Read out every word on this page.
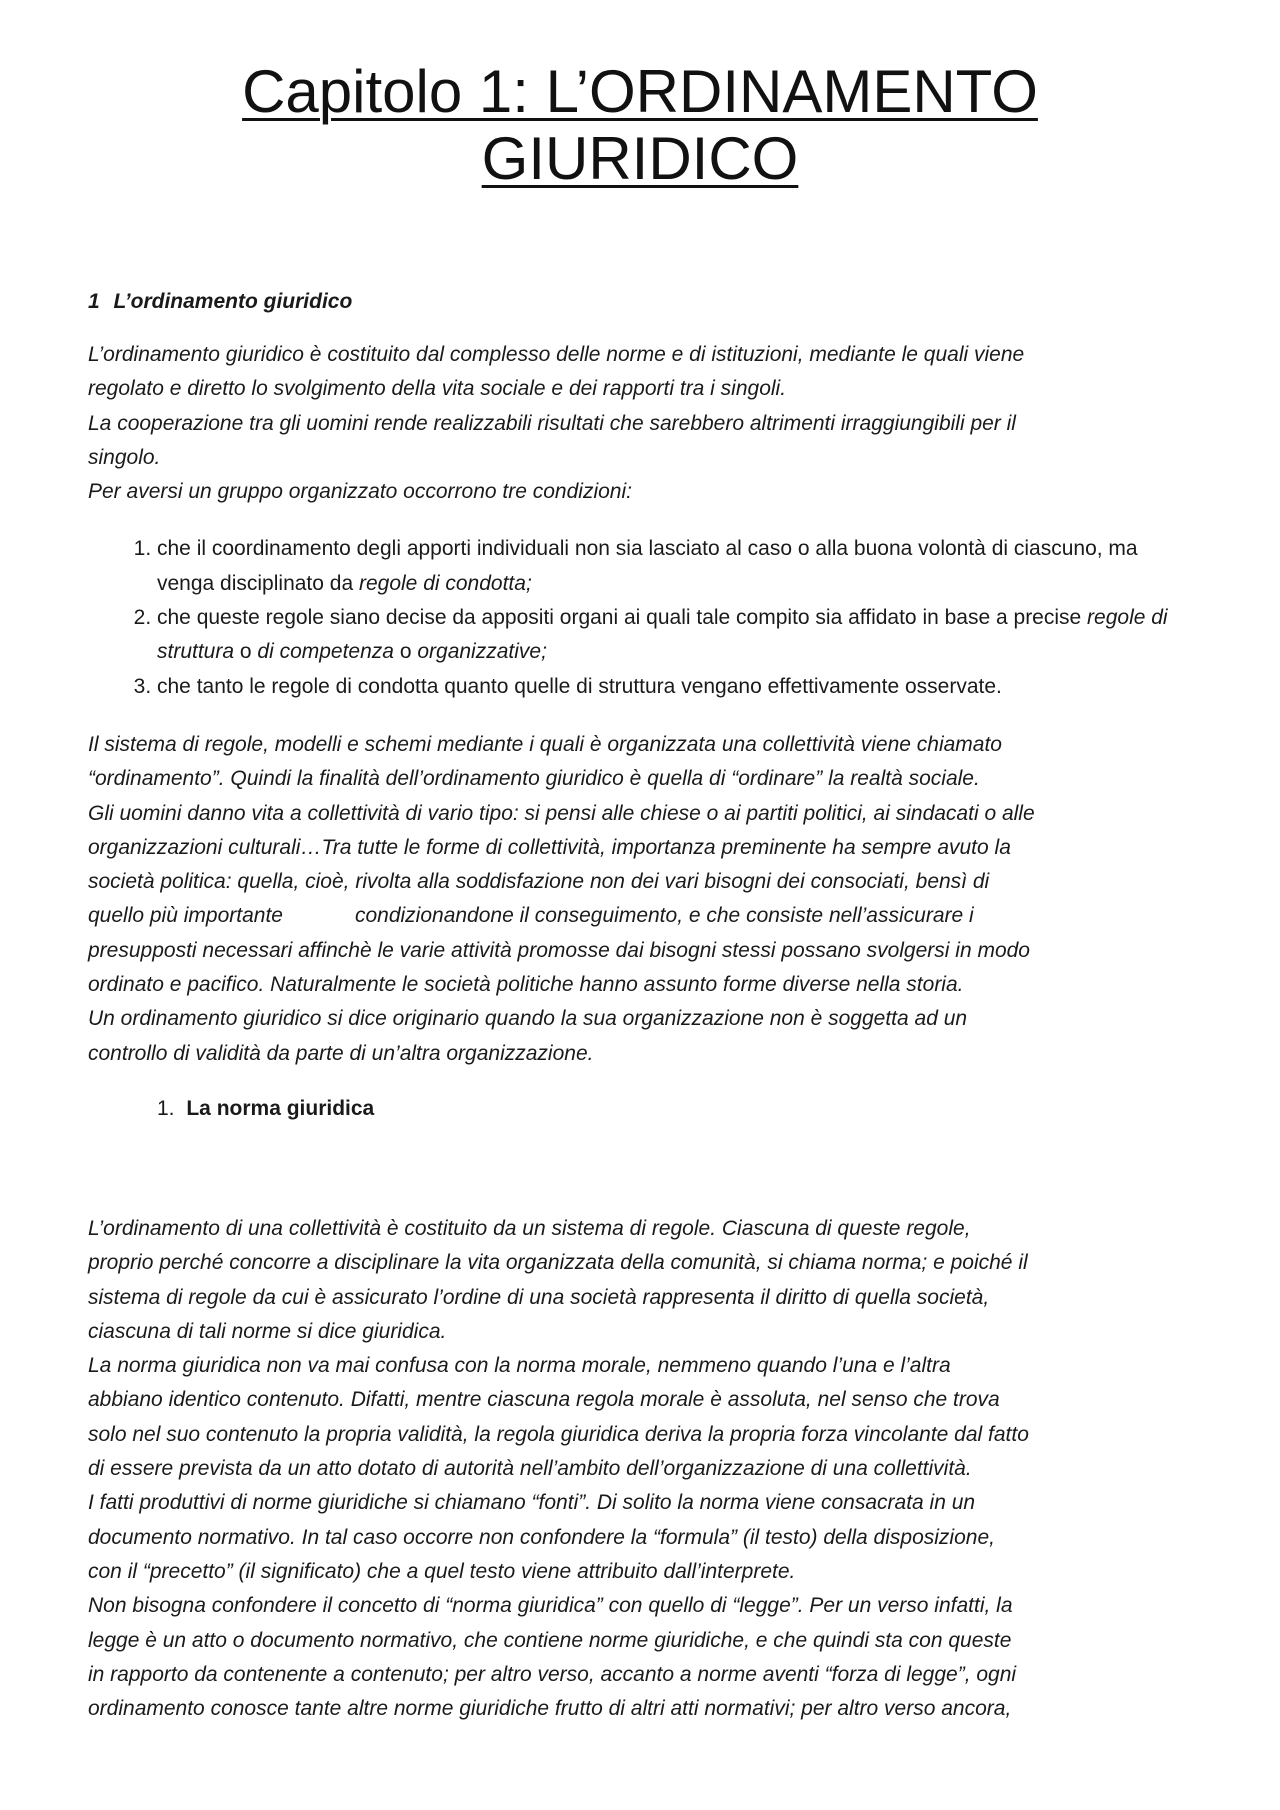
Capitolo 1: L’ORDINAMENTO
GIURIDICO
1 L’ordinamento giuridico

L’ordinamento giuridico è costituito dal complesso delle norme e di istituzioni, mediante le quali viene
regolato e diretto lo svolgimento della vita sociale e dei rapporti tra i singoli.
La cooperazione tra gli uomini rende realizzabili risultati che sarebbero altrimenti irraggiungibili per il
singolo.
Per aversi un gruppo organizzato occorrono tre condizioni:

1. che il coordinamento degli apporti individuali non sia lasciato al caso o alla buona volontà di ciascuno, ma venga disciplinato da regole di condotta;
2. che queste regole siano decise da appositi organi ai quali tale compito sia affidato in base a precise regole di struttura o di competenza o organizzative;
3. che tanto le regole di condotta quanto quelle di struttura vengano effettivamente osservate.

Il sistema di regole, modelli e schemi mediante i quali è organizzata una collettività viene chiamato
“ordinamento”. Quindi la finalità dell’ordinamento giuridico è quella di “ordinare” la realtà sociale.
Gli uomini danno vita a collettività di vario tipo: si pensi alle chiese o ai partiti politici, ai sindacati o alle
organizzazioni culturali…Tra tutte le forme di collettività, importanza preminente ha sempre avuto la
società politica: quella, cioè, rivolta alla soddisfazione non dei vari bisogni dei consociati, bensì di
quello più importante	condizionandone il conseguimento, e che consiste nell’assicurare i
presupposti necessari affinchè le varie attività promosse dai bisogni stessi possano svolgersi in modo
ordinato e pacifico. Naturalmente le società politiche hanno assunto forme diverse nella storia.
Un ordinamento giuridico si dice originario quando la sua organizzazione non è soggetta ad un
controllo di validità da parte di un’altra organizzazione.

1. La norma giuridica

L’ordinamento di una collettività è costituito da un sistema di regole. Ciascuna di queste regole,
proprio perché concorre a disciplinare la vita organizzata della comunità, si chiama norma; e poiché il
sistema di regole da cui è assicurato l’ordine di una società rappresenta il diritto di quella società,
ciascuna di tali norme si dice giuridica.
La norma giuridica non va mai confusa con la norma morale, nemmeno quando l’una e l’altra
abbiano identico contenuto. Difatti, mentre ciascuna regola morale è assoluta, nel senso che trova
solo nel suo contenuto la propria validità, la regola giuridica deriva la propria forza vincolante dal fatto
di essere prevista da un atto dotato di autorità nell’ambito dell’organizzazione di una collettività.
I fatti produttivi di norme giuridiche si chiamano “fonti”. Di solito la norma viene consacrata in un
documento normativo. In tal caso occorre non confondere la “formula” (il testo) della disposizione,
con il “precetto” (il significato) che a quel testo viene attribuito dall’interprete.
Non bisogna confondere il concetto di “norma giuridica” con quello di “legge”. Per un verso infatti, la
legge è un atto o documento normativo, che contiene norme giuridiche, e che quindi sta con queste
in rapporto da contenente a contenuto; per altro verso, accanto a norme aventi “forza di legge”, ogni
ordinamento conosce tante altre norme giuridiche frutto di altri atti normativi; per altro verso ancora,
